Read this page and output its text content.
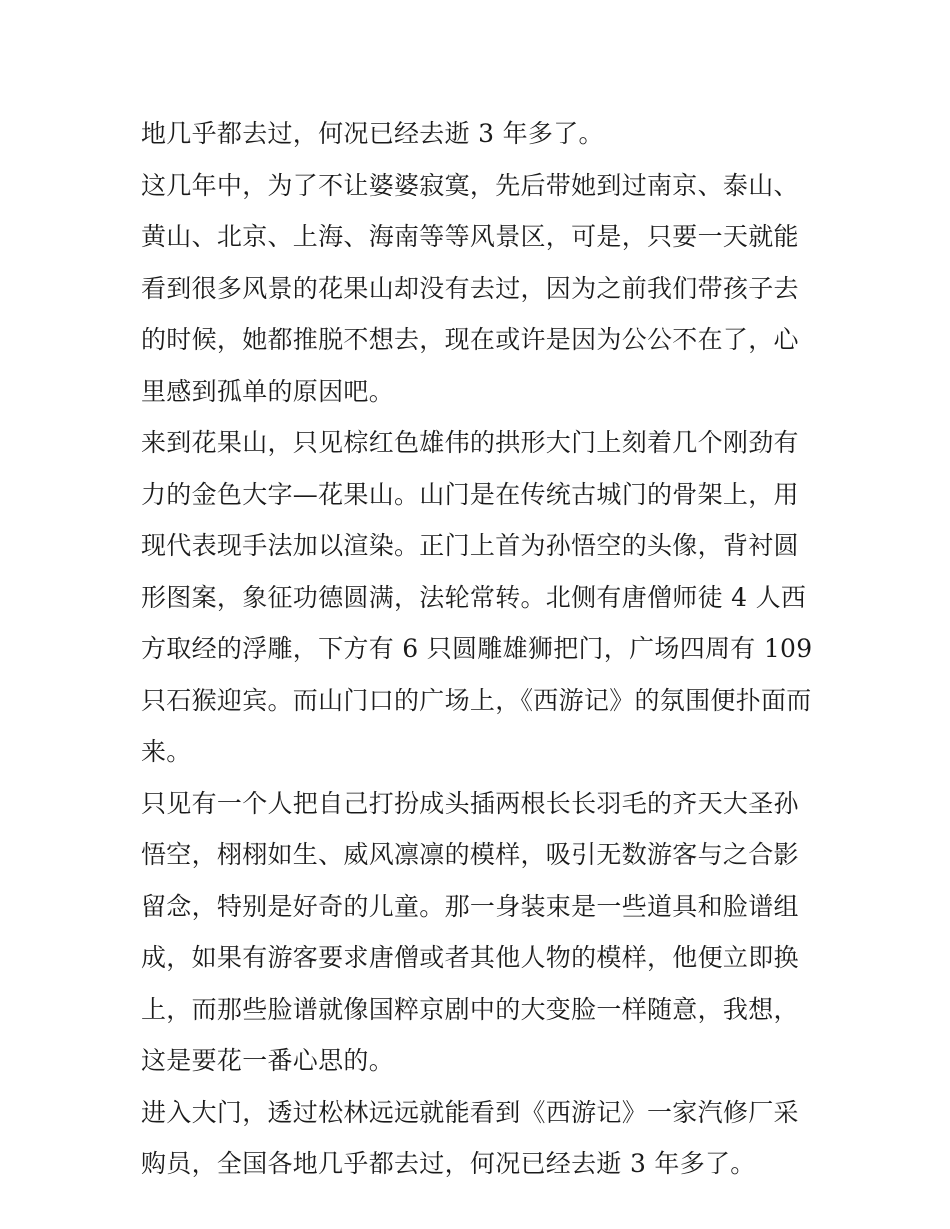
地几乎都去过，何况已经去逝 3 年多了。

这几年中，为了不让婆婆寂寞，先后带她到过南京、泰山、黄山、北京、上海、海南等等风景区，可是，只要一天就能看到很多风景的花果山却没有去过，因为之前我们带孩子去的时候，她都推脱不想去，现在或许是因为公公不在了，心里感到孤单的原因吧。

来到花果山，只见棕红色雄伟的拱形大门上刻着几个刚劲有力的金色大字—花果山。山门是在传统古城门的骨架上，用现代表现手法加以渲染。正门上首为孙悟空的头像，背衬圆形图案，象征功德圆满，法轮常转。北侧有唐僧师徒 4 人西方取经的浮雕，下方有 6 只圆雕雄狮把门，广场四周有 109 只石猴迎宾。而山门口的广场上，《西游记》的氛围便扑面而来。

只见有一个人把自己打扮成头插两根长长羽毛的齐天大圣孙悟空，栩栩如生、威风凛凛的模样，吸引无数游客与之合影留念，特别是好奇的儿童。那一身装束是一些道具和脸谱组成，如果有游客要求唐僧或者其他人物的模样，他便立即换上，而那些脸谱就像国粹京剧中的大变脸一样随意，我想，这是要花一番心思的。

进入大门，透过松林远远就能看到《西游记》一家汽修厂采购员，全国各地几乎都去过，何况已经去逝 3 年多了。
